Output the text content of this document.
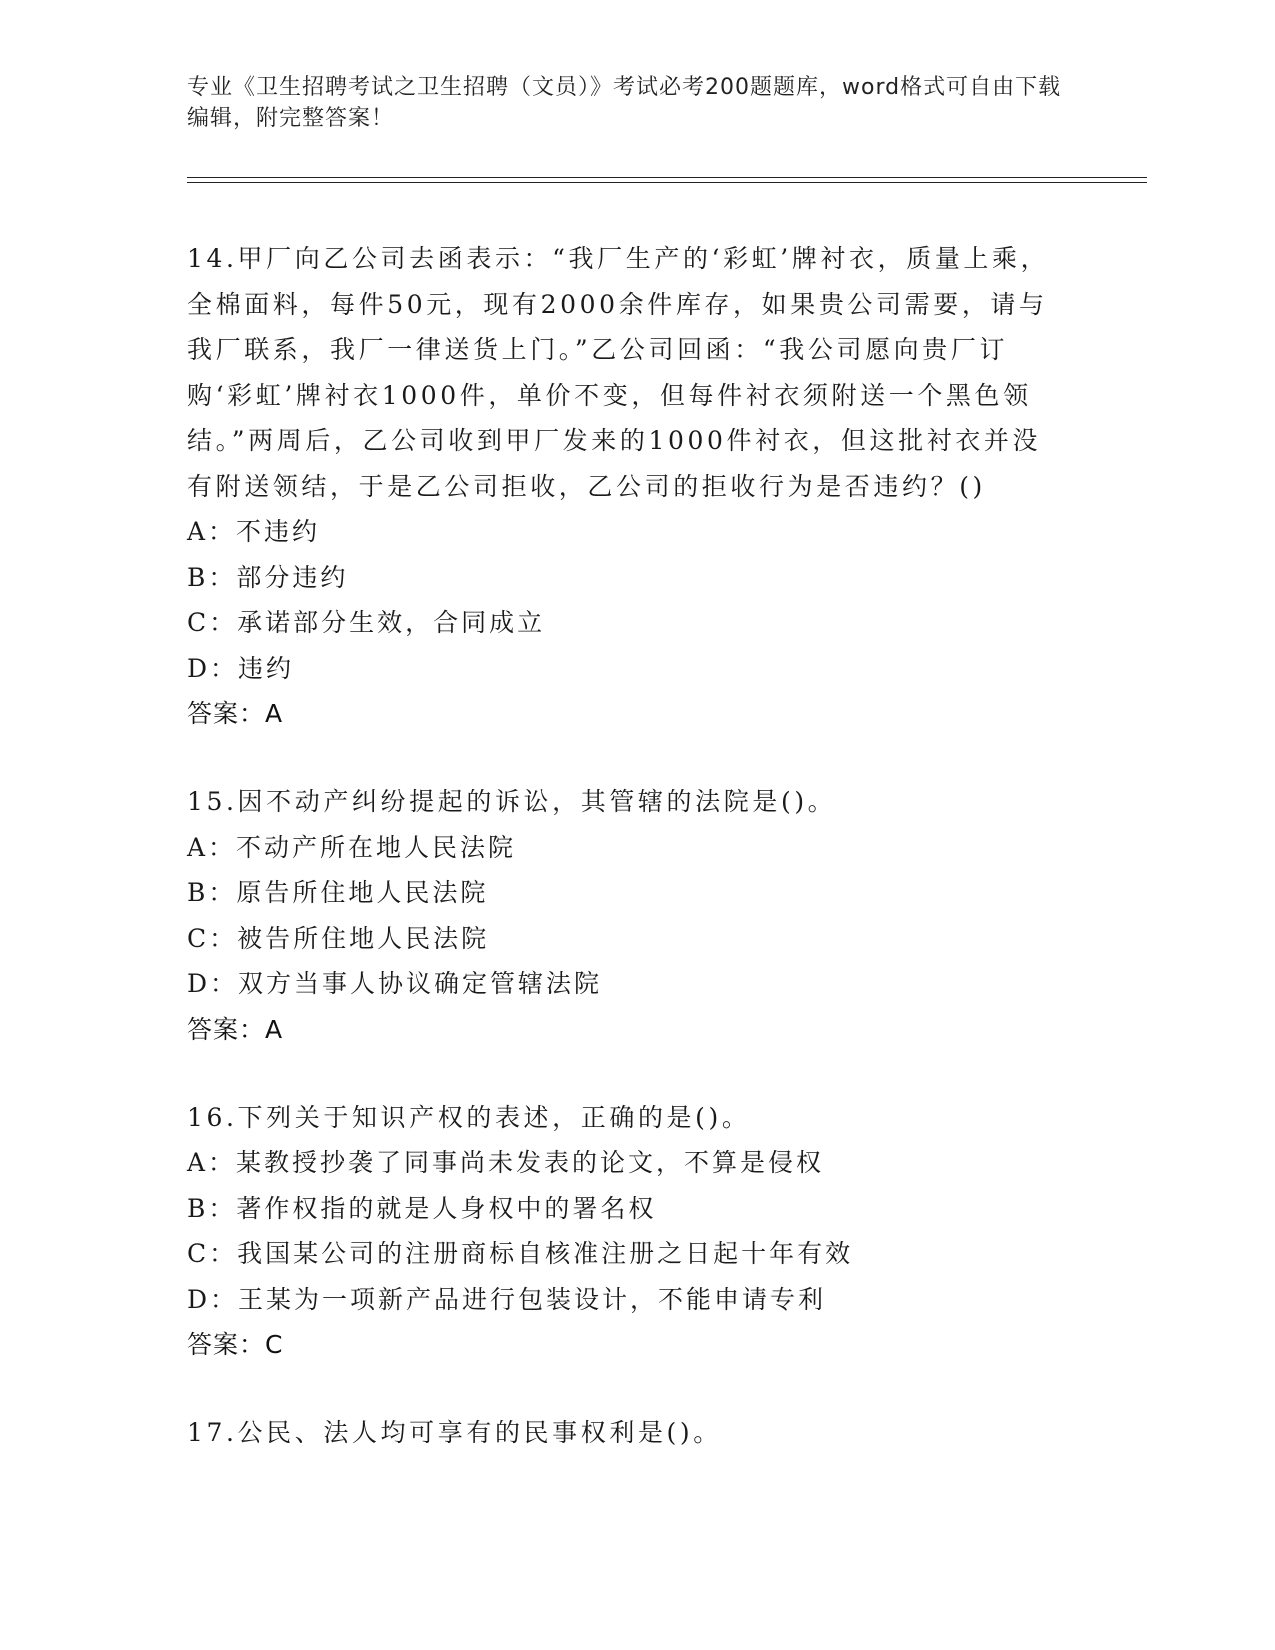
专业《卫生招聘考试之卫生招聘（文员）》考试必考200题题库，word格式可自由下载编辑，附完整答案！

14.甲厂向乙公司去函表示：“我厂生产的‘彩虹’牌衬衣，质量上乘，全棉面料，每件50元，现有2000余件库存，如果贵公司需要，请与我厂联系，我厂一律送货上门。”乙公司回函：“我公司愿向贵厂订购‘彩虹’牌衬衣1000件，单价不变，但每件衬衣须附送一个黑色领结。”两周后，乙公司收到甲厂发来的1000件衬衣，但这批衬衣并没有附送领结，于是乙公司拒收，乙公司的拒收行为是否违约？()

A：不违约

B：部分违约

C：承诺部分生效，合同成立

D：违约

答案：A

15.因不动产纠纷提起的诉讼，其管辖的法院是()。

A：不动产所在地人民法院

B：原告所住地人民法院

C：被告所住地人民法院

D：双方当事人协议确定管辖法院

答案：A

16.下列关于知识产权的表述，正确的是()。

A：某教授抄袭了同事尚未发表的论文，不算是侵权

B：著作权指的就是人身权中的署名权

C：我国某公司的注册商标自核准注册之日起十年有效

D：王某为一项新产品进行包装设计，不能申请专利

答案：C

17.公民、法人均可享有的民事权利是()。
